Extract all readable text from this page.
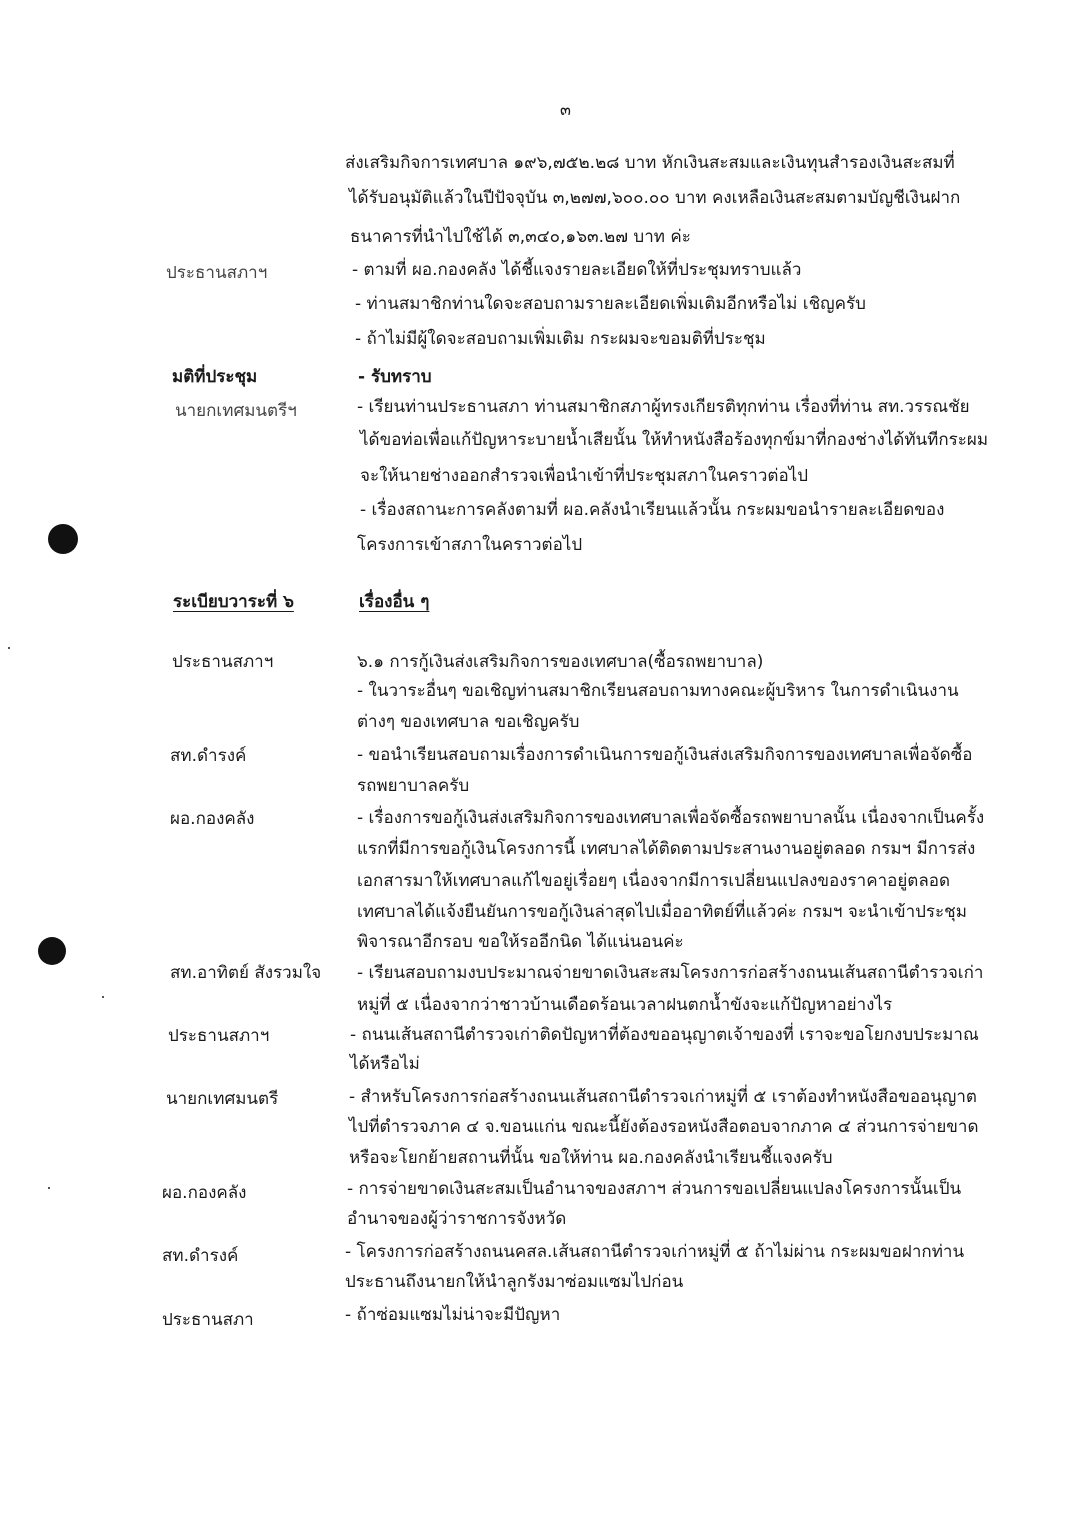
๓
ส่งเสริมกิจการเทศบาล ๑๙๖,๗๕๒.๒๘ บาท หักเงินสะสมและเงินทุนสำรองเงินสะสมที่
ได้รับอนุมัติแล้วในปีปัจจุบัน ๓,๒๗๗,๖๐๐.๐๐ บาท คงเหลือเงินสะสมตามบัญชีเงินฝาก
ธนาคารที่นำไปใช้ได้ ๓,๓๔๐,๑๖๓.๒๗ บาท ค่ะ
ประธานสภาฯ	- ตามที่ ผอ.กองคลัง ได้ชี้แจงรายละเอียดให้ที่ประชุมทราบแล้ว
- ท่านสมาชิกท่านใดจะสอบถามรายละเอียดเพิ่มเติมอีกหรือไม่ เชิญครับ
- ถ้าไม่มีผู้ใดจะสอบถามเพิ่มเติม กระผมจะขอมติที่ประชุม
มติที่ประชุม	- รับทราบ
นายกเทศมนตรีฯ	- เรียนท่านประธานสภา ท่านสมาชิกสภาผู้ทรงเกียรติทุกท่าน เรื่องที่ท่าน สท.วรรณชัย
ได้ขอท่อเพื่อแก้ปัญหาระบายน้ำเสียนั้น ให้ทำหนังสือร้องทุกข์มาที่กองช่างได้ทันทีกระผม
จะให้นายช่างออกสำรวจเพื่อนำเข้าที่ประชุมสภาในคราวต่อไป
- เรื่องสถานะการคลังตามที่ ผอ.คลังนำเรียนแล้วนั้น กระผมขอนำรายละเอียดของ
โครงการเข้าสภาในคราวต่อไป
ระเบียบวาระที่ ๖	เรื่องอื่น ๆ
ประธานสภาฯ	๖.๑ การกู้เงินส่งเสริมกิจการของเทศบาล(ซื้อรถพยาบาล)
- ในวาระอื่นๆ ขอเชิญท่านสมาชิกเรียนสอบถามทางคณะผู้บริหาร ในการดำเนินงาน
ต่างๆ ของเทศบาล ขอเชิญครับ
สท.ดำรงค์	- ขอนำเรียนสอบถามเรื่องการดำเนินการขอกู้เงินส่งเสริมกิจการของเทศบาลเพื่อจัดซื้อ
รถพยาบาลครับ
ผอ.กองคลัง	- เรื่องการขอกู้เงินส่งเสริมกิจการของเทศบาลเพื่อจัดซื้อรถพยาบาลนั้น เนื่องจากเป็นครั้ง
แรกที่มีการขอกู้เงินโครงการนี้ เทศบาลได้ติดตามประสานงานอยู่ตลอด กรมฯ มีการส่ง
เอกสารมาให้เทศบาลแก้ไขอยู่เรื่อยๆ เนื่องจากมีการเปลี่ยนแปลงของราคาอยู่ตลอด
เทศบาลได้แจ้งยืนยันการขอกู้เงินล่าสุดไปเมื่ออาทิตย์ที่แล้วค่ะ กรมฯ จะนำเข้าประชุม
พิจารณาอีกรอบ ขอให้รออีกนิด ได้แน่นอนค่ะ
สท.อาทิตย์ สังรวมใจ - เรียนสอบถามงบประมาณจ่ายขาดเงินสะสมโครงการก่อสร้างถนนเส้นสถานีตำรวจเก่า
หมู่ที่ ๕ เนื่องจากว่าชาวบ้านเดือดร้อนเวลาฝนตกน้ำขังจะแก้ปัญหาอย่างไร
ประธานสภาฯ	- ถนนเส้นสถานีตำรวจเก่าติดปัญหาที่ต้องขออนุญาตเจ้าของที่ เราจะขอโยกงบประมาณ
ได้หรือไม่
นายกเทศมนตรี	- สำหรับโครงการก่อสร้างถนนเส้นสถานีตำรวจเก่าหมู่ที่ ๕ เราต้องทำหนังสือขออนุญาต
ไปที่ตำรวจภาค ๔ จ.ขอนแก่น ขณะนี้ยังต้องรอหนังสือตอบจากภาค ๔ ส่วนการจ่ายขาด
หรือจะโยกย้ายสถานที่นั้น ขอให้ท่าน ผอ.กองคลังนำเรียนชี้แจงครับ
ผอ.กองคลัง	- การจ่ายขาดเงินสะสมเป็นอำนาจของสภาฯ ส่วนการขอเปลี่ยนแปลงโครงการนั้นเป็น
อำนาจของผู้ว่าราชการจังหวัด
สท.ดำรงค์	- โครงการก่อสร้างถนนคสล.เส้นสถานีตำรวจเก่าหมู่ที่ ๕ ถ้าไม่ผ่าน กระผมขอฝากท่าน
ประธานถึงนายกให้นำลูกรังมาซ่อมแซมไปก่อน
ประธานสภา	- ถ้าซ่อมแซมไม่น่าจะมีปัญหา
